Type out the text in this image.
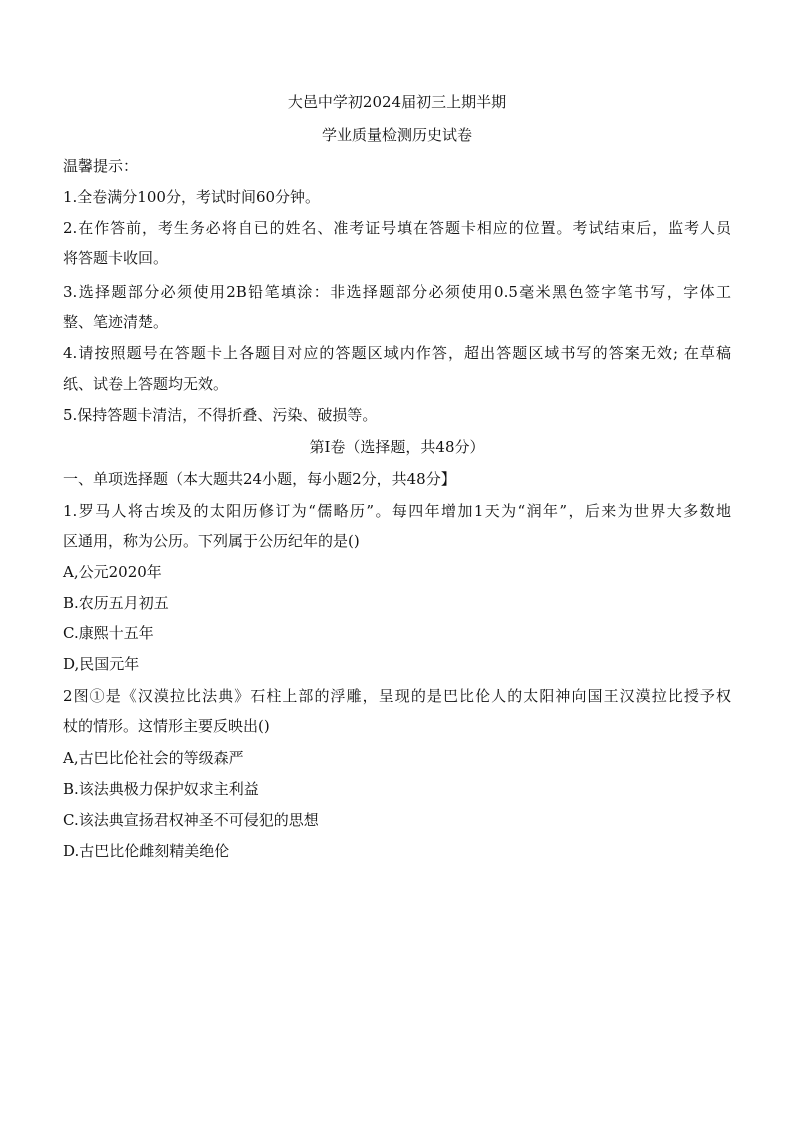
大邑中学初2024届初三上期半期
学业质量检测历史试卷
温馨提示：
1.全卷满分100分，考试时间60分钟。
2.在作答前，考生务必将自已的姓名、准考证号填在答题卡相应的位置。考试结束后，监考人员
将答题卡收回。
3.选择题部分必须使用2B铅笔填涂：非选择题部分必须使用0.5毫米黑色签字笔书写，字体工
整、笔迹清楚。
4.请按照题号在答题卡上各题目对应的答题区域内作答，超出答题区域书写的答案无效; 在草稿
纸、试卷上答题均无效。
5.保持答题卡清洁，不得折叠、污染、破损等。
第I卷（选择题，共48分）
一、单项选择题（本大题共24小题，每小题2分，共48分】
1.罗马人将古埃及的太阳历修订为“儒略历”。每四年增加1天为“润年”，后来为世界大多数地
区通用，称为公历。下列属于公历纪年的是()
A,公元2020年
B.农历五月初五
C.康熙十五年
D,民国元年
2图①是《汉漠拉比法典》石柱上部的浮雕，呈现的是巴比伦人的太阳神向国王汉漠拉比授予权
杖的情形。这情形主要反映出()
A,古巴比伦社会的等级森严
B.该法典极力保护奴求主利益
C.该法典宣扬君权神圣不可侵犯的思想
D.古巴比伦雌刻精美绝伦
